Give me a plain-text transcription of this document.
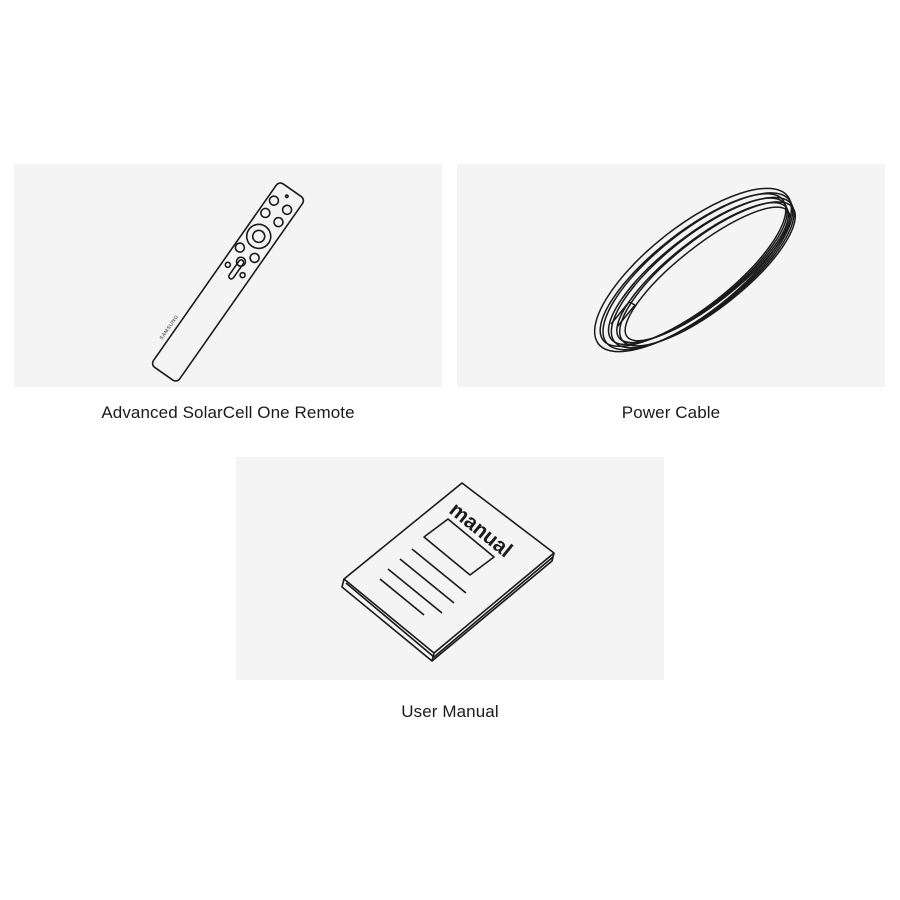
SAMSUNG
manual
Advanced SolarCell One Remote	Power Cable
User Manual
